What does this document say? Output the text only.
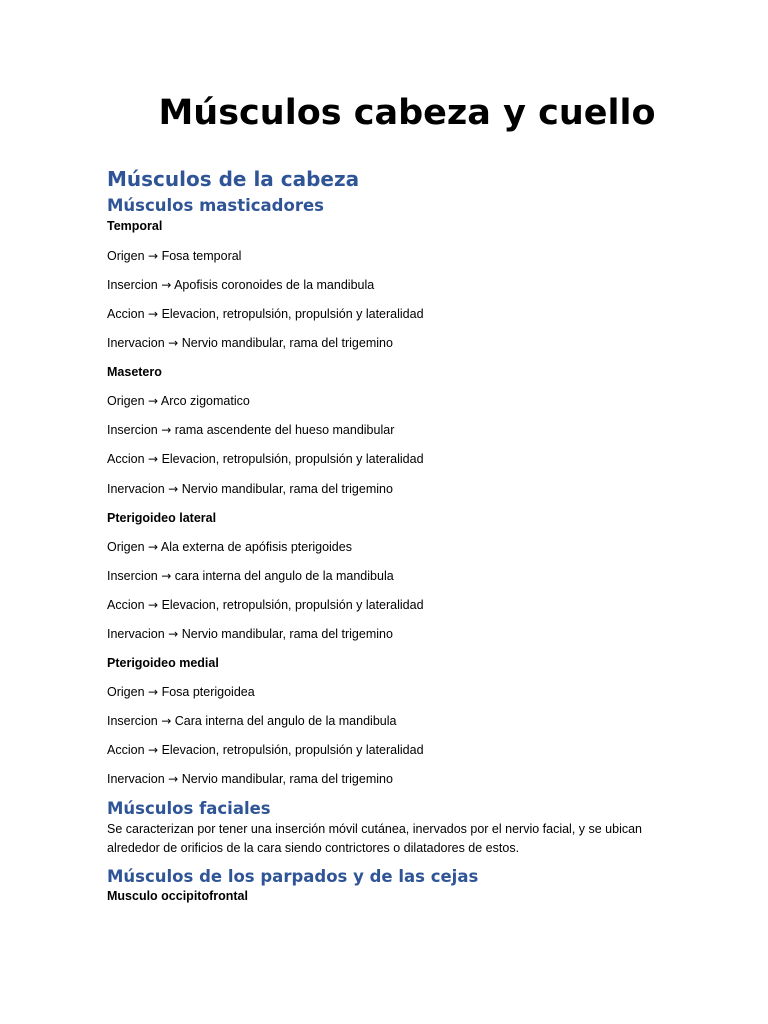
Músculos cabeza y cuello
Músculos de la cabeza
Músculos masticadores
Temporal
Origen → Fosa temporal
Insercion → Apofisis coronoides de la mandibula
Accion → Elevacion, retropulsión, propulsión y lateralidad
Inervacion → Nervio mandibular, rama del trigemino
Masetero
Origen → Arco zigomatico
Insercion → rama ascendente del hueso mandibular
Accion → Elevacion, retropulsión, propulsión y lateralidad
Inervacion → Nervio mandibular, rama del trigemino
Pterigoideo lateral
Origen → Ala externa de apófisis pterigoides
Insercion → cara interna del angulo de la mandibula
Accion → Elevacion, retropulsión, propulsión y lateralidad
Inervacion → Nervio mandibular, rama del trigemino
Pterigoideo medial
Origen → Fosa pterigoidea
Insercion → Cara interna del angulo de la mandibula
Accion → Elevacion, retropulsión, propulsión y lateralidad
Inervacion → Nervio mandibular, rama del trigemino
Músculos faciales

Se caracterizan por tener una inserción móvil cutánea, inervados por el nervio facial, y se ubican alrededor de orificios de la cara siendo contrictores o dilatadores de estos.

Músculos de los parpados y de las cejas
Musculo occipitofrontal
